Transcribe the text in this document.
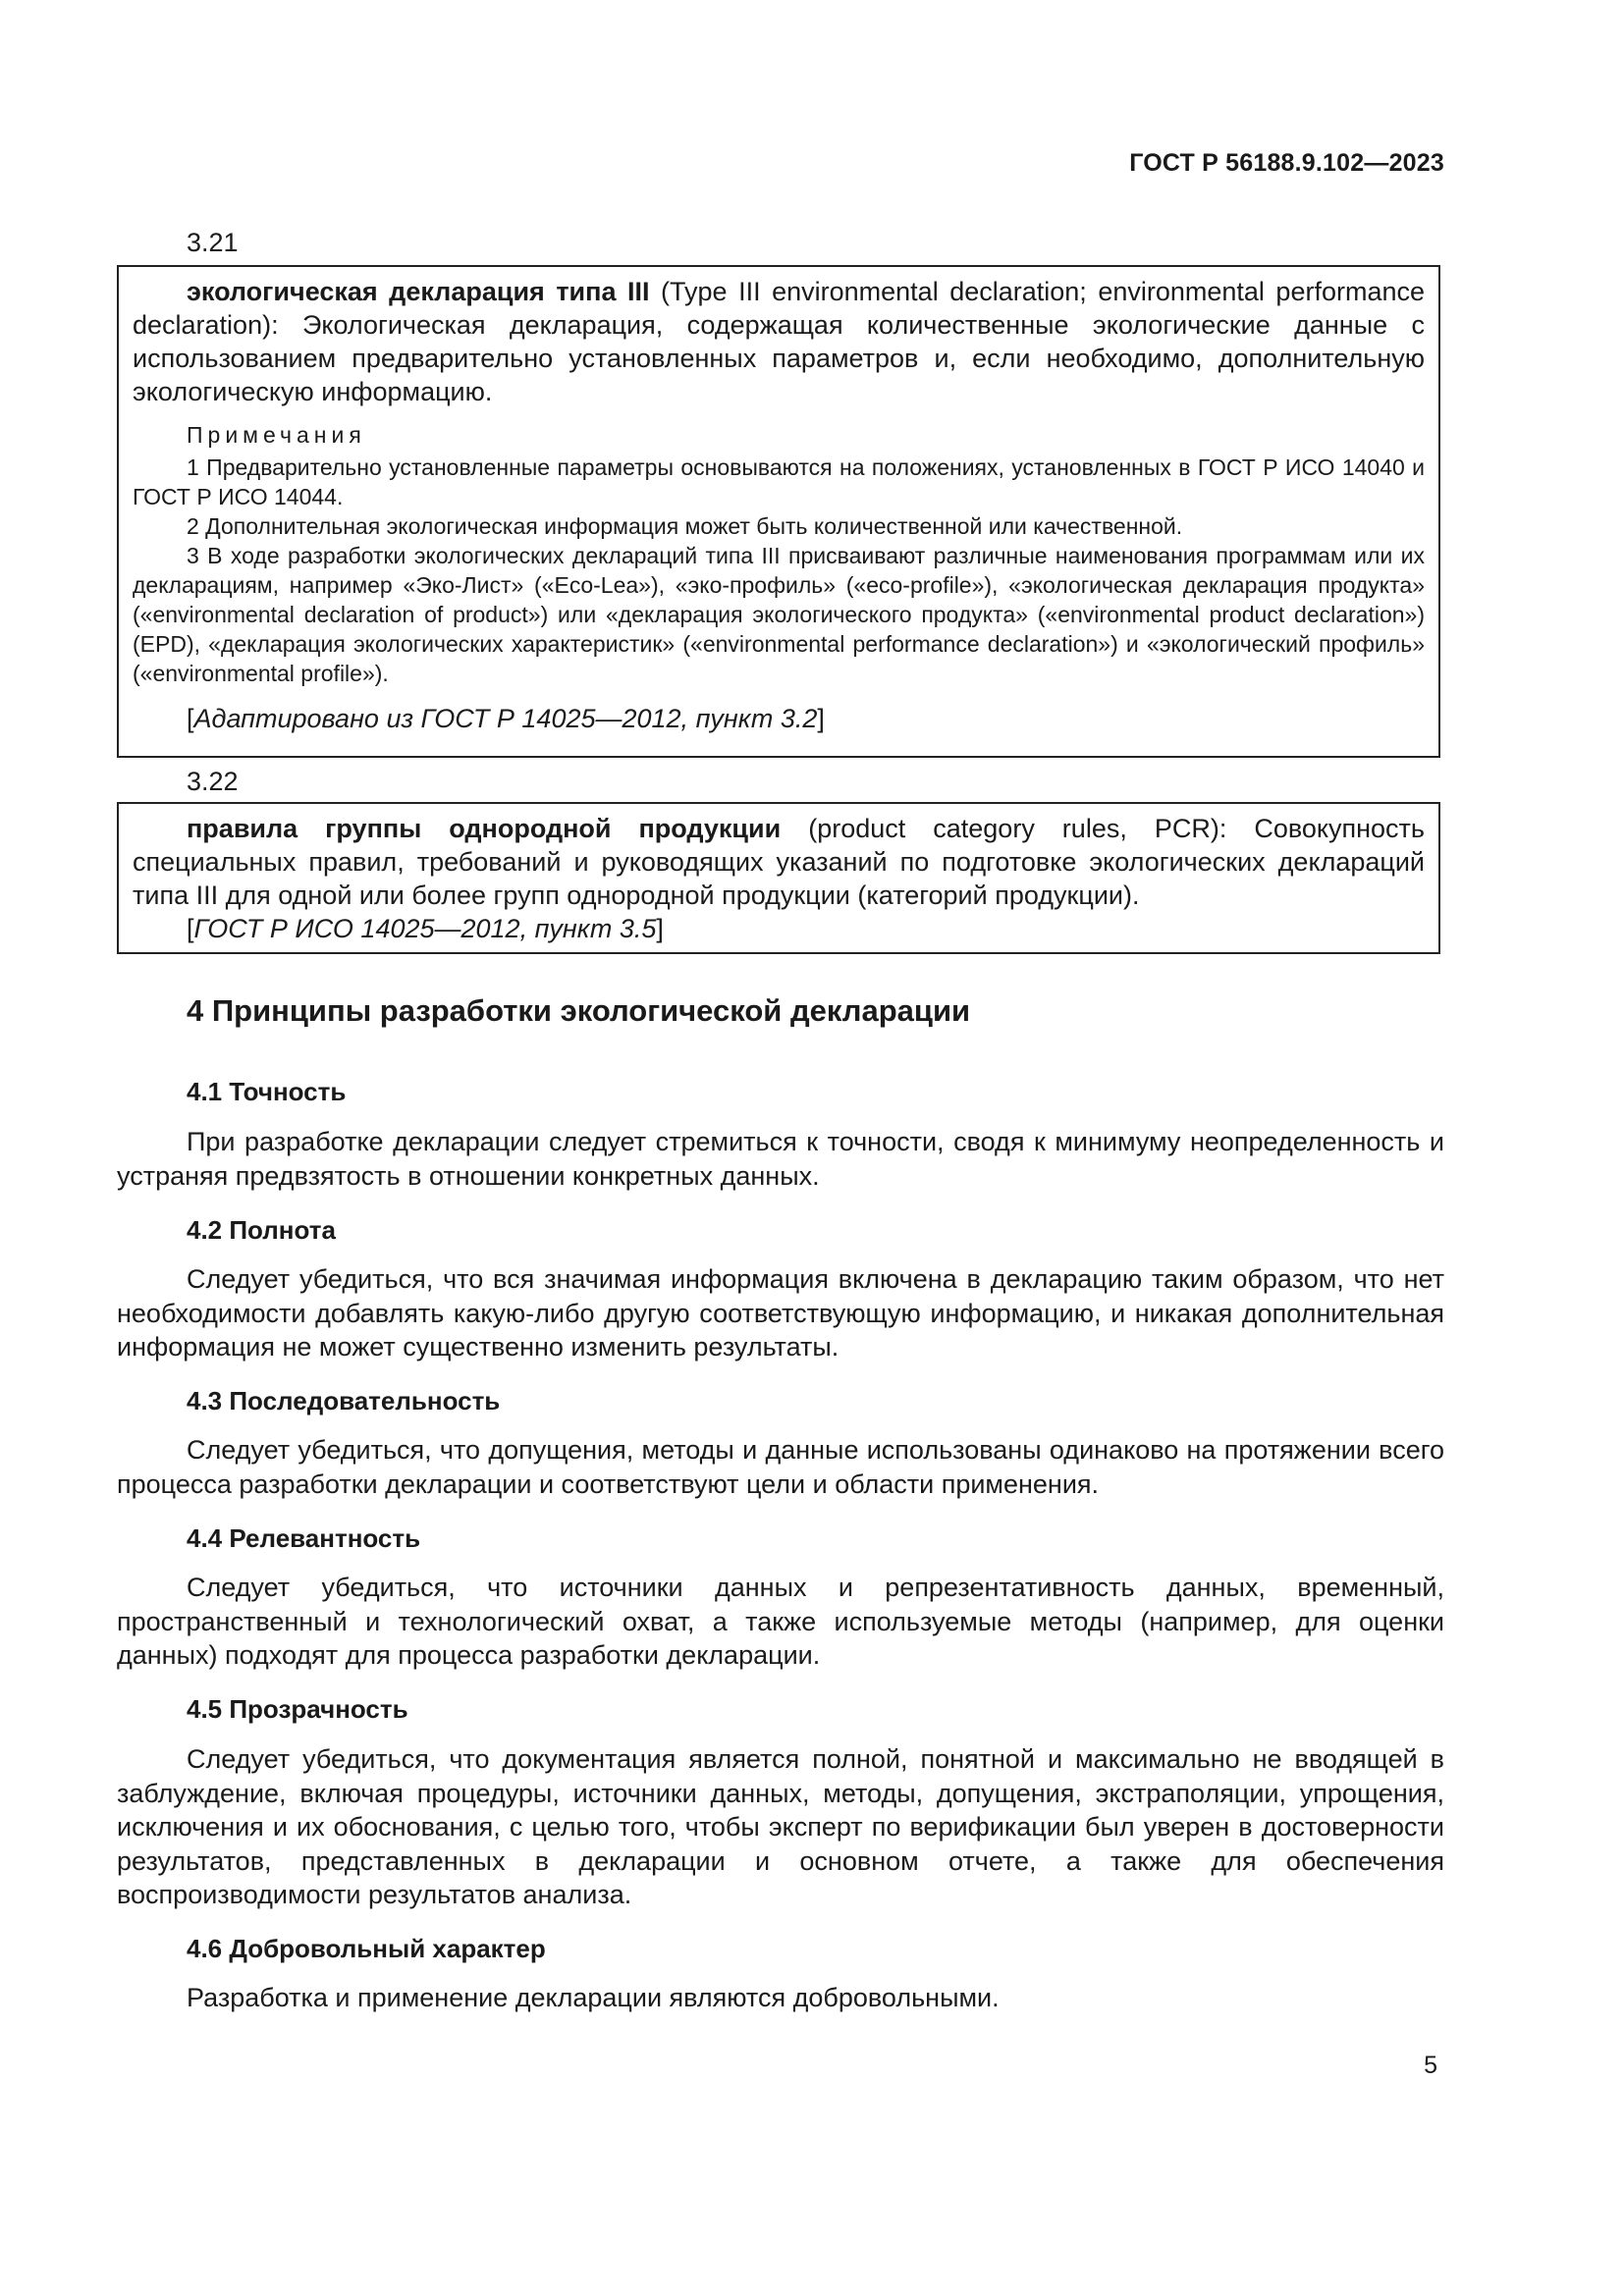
ГОСТ Р 56188.9.102—2023
3.21

экологическая декларация типа III (Type III environmental declaration; environmental performance declaration): Экологическая декларация, содержащая количественные экологические данные с использованием предварительно установленных параметров и, если необходимо, дополнительную экологическую информацию.

Примечания

1 Предварительно установленные параметры основываются на положениях, установленных в ГОСТ Р ИСО 14040 и ГОСТ Р ИСО 14044.

2 Дополнительная экологическая информация может быть количественной или качественной.

3 В ходе разработки экологических деклараций типа III присваивают различные наименования программам или их декларациям, например «Эко-Лист» («Eco-Lea»), «эко-профиль» («eco-profile»), «экологическая декларация продукта» («environmental declaration of product») или «декларация экологического продукта» («environmental product declaration») (EPD), «декларация экологических характеристик» («environmental performance declaration») и «экологический профиль» («environmental profile»).

[Адаптировано из ГОСТ Р 14025—2012, пункт 3.2]

3.22

правила группы однородной продукции (product category rules, PCR): Совокупность специальных правил, требований и руководящих указаний по подготовке экологических деклараций типа III для одной или более групп однородной продукции (категорий продукции).

[ГОСТ Р ИСО 14025—2012, пункт 3.5]

4 Принципы разработки экологической декларации
4.1 Точность

При разработке декларации следует стремиться к точности, сводя к минимуму неопределенность и устраняя предвзятость в отношении конкретных данных.

4.2 Полнота

Следует убедиться, что вся значимая информация включена в декларацию таким образом, что нет необходимости добавлять какую-либо другую соответствующую информацию, и никакая дополнительная информация не может существенно изменить результаты.

4.3 Последовательность

Следует убедиться, что допущения, методы и данные использованы одинаково на протяжении всего процесса разработки декларации и соответствуют цели и области применения.

4.4 Релевантность

Следует убедиться, что источники данных и репрезентативность данных, временный, пространственный и технологический охват, а также используемые методы (например, для оценки данных) подходят для процесса разработки декларации.

4.5 Прозрачность

Следует убедиться, что документация является полной, понятной и максимально не вводящей в заблуждение, включая процедуры, источники данных, методы, допущения, экстраполяции, упрощения, исключения и их обоснования, с целью того, чтобы эксперт по верификации был уверен в достоверности результатов, представленных в декларации и основном отчете, а также для обеспечения воспроизводимости результатов анализа.

4.6 Добровольный характер

Разработка и применение декларации являются добровольными.

5
